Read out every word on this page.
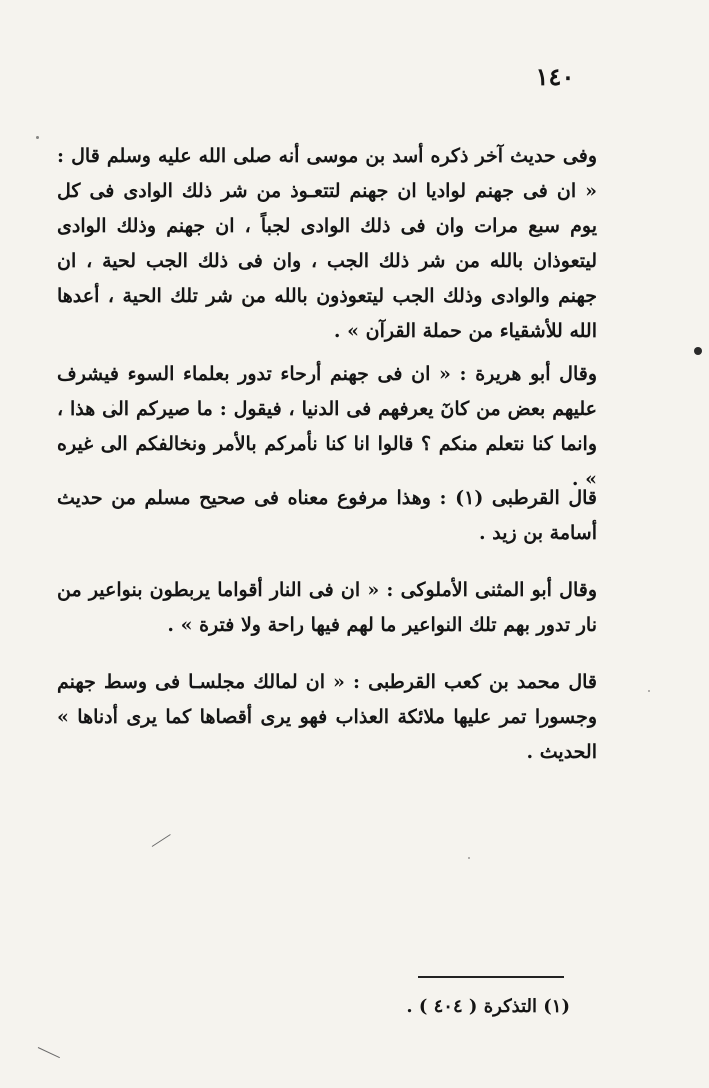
١٤٠

وفى حديث آخر ذكره أسد بن موسى أنه صلى الله عليه وسلم قال : « ان فى جهنم لواديا ان جهنم لتتعـوذ من شر ذلك الوادى فى كل يوم سبع مرات وان فى ذلك الوادى لجباً ، ان جهنم وذلك الوادى ليتعوذان بالله من شر ذلك الجب ، وان فى ذلك الجب لحية ، ان جهنم والوادى وذلك الجب ليتعوذون بالله من شر تلك الحية ، أعدها الله للأشقياء من حملة القرآن » .

وقال أبو هريرة : « ان فى جهنم أرحاء تدور بعلماء السوء فيشرف عليهم بعض من كانٓ يعرفهم فى الدنيا ، فيقول : ما صيركم الى هذا ، وانما كنا نتعلم منكم ؟ قالوا انا كنا نأمركم بالأمر ونخالفكم الى غيره » .

قال القرطبى (١) : وهذا مرفوع معناه فى صحيح مسلم من حديث أسامة بن زيد .

وقال أبو المثنى الأملوكى : « ان فى النار أقواما يربطون بنواعير من نار تدور بهم تلك النواعير ما لهم فيها راحة ولا فترة » .

قال محمد بن كعب القرطبى : « ان لمالك مجلسـا فى وسط جهنم وجسورا تمر عليها ملائكة العذاب فهو يرى أقصاها كما يرى أدناها » الحديث .

(١) التذكرة ( ٤٠٤ ) .
